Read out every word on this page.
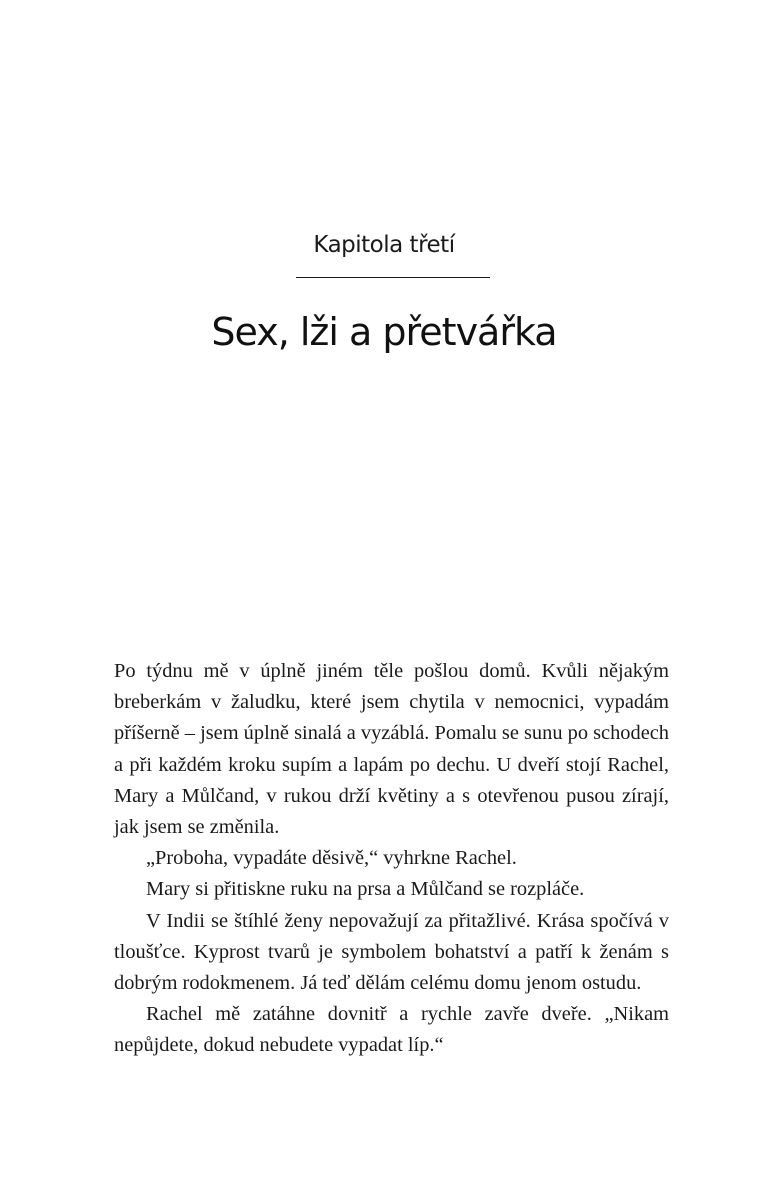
Kapitola třetí
Sex, lži a přetvářka

Po týdnu mě v úplně jiném těle pošlou domů. Kvůli nějakým breberkám v žaludku, které jsem chytila v nemocnici, vypadám příšerně – jsem úplně sinalá a vyzáblá. Pomalu se sunu po schodech a při každém kroku supím a lapám po dechu. U dveří stojí Rachel, Mary a Můlčand, v rukou drží květiny a s otevřenou pusou zírají, jak jsem se změnila.

„Proboha, vypadáte děsivě,“ vyhrkne Rachel.

Mary si přitiskne ruku na prsa a Můlčand se rozpláče.

V Indii se štíhlé ženy nepovažují za přitažlivé. Krása spočívá v tloušťce. Kyprost tvarů je symbolem bohatství a patří k ženám s dobrým rodokmenem. Já teď dělám celému domu jenom ostudu.

Rachel mě zatáhne dovnitř a rychle zavře dveře. „Nikam nepůjdete, dokud nebudete vypadat líp.“
